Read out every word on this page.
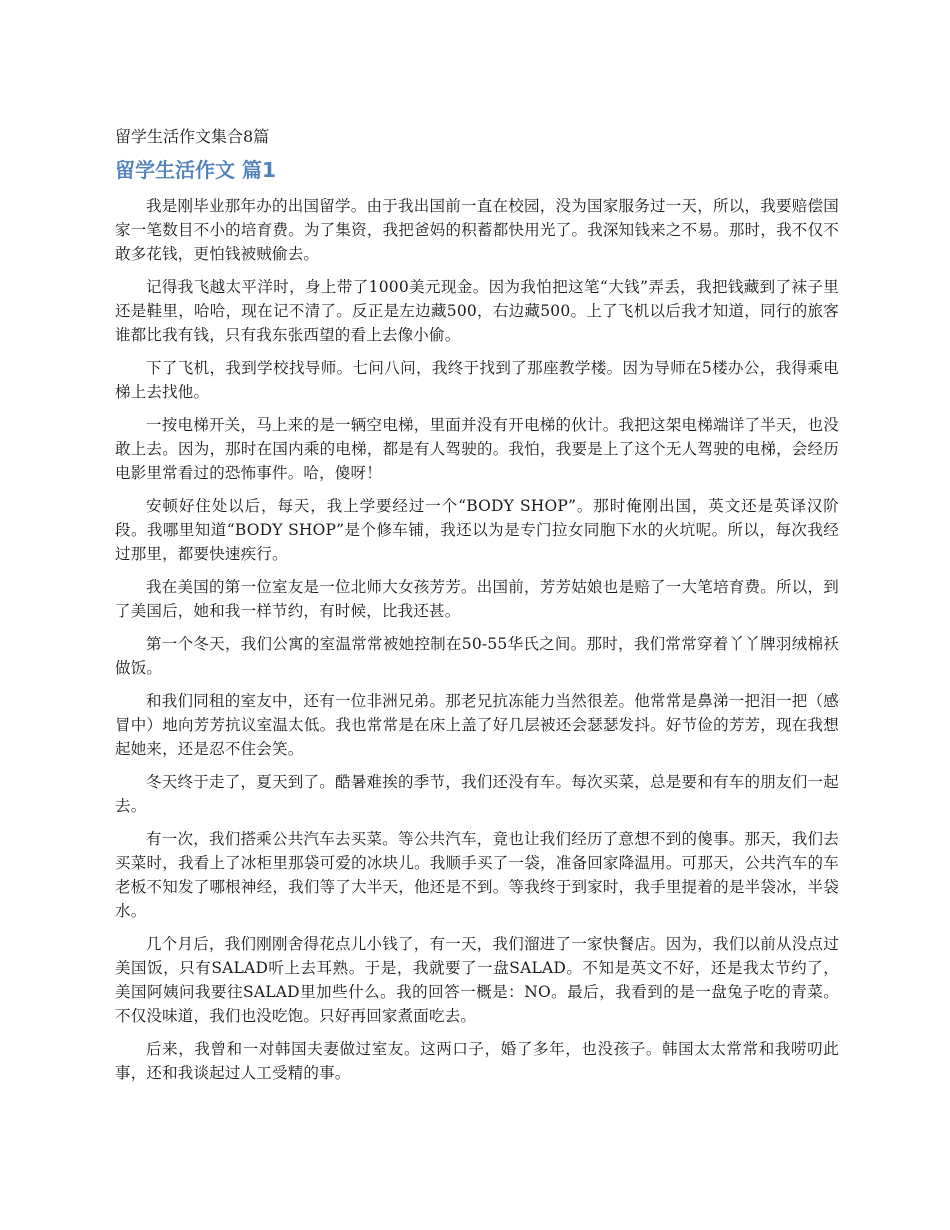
留学生活作文集合8篇
留学生活作文 篇1

我是刚毕业那年办的出国留学。由于我出国前一直在校园，没为国家服务过一天，所以，我要赔偿国家一笔数目不小的培育费。为了集资，我把爸妈的积蓄都快用光了。我深知钱来之不易。那时，我不仅不敢多花钱，更怕钱被贼偷去。

记得我飞越太平洋时，身上带了1000美元现金。因为我怕把这笔“大钱”弄丢，我把钱藏到了袜子里还是鞋里，哈哈，现在记不清了。反正是左边藏500，右边藏500。上了飞机以后我才知道，同行的旅客谁都比我有钱，只有我东张西望的看上去像小偷。

下了飞机，我到学校找导师。七问八问，我终于找到了那座教学楼。因为导师在5楼办公，我得乘电梯上去找他。

一按电梯开关，马上来的是一辆空电梯，里面并没有开电梯的伙计。我把这架电梯端详了半天，也没敢上去。因为，那时在国内乘的电梯，都是有人驾驶的。我怕，我要是上了这个无人驾驶的电梯，会经历电影里常看过的恐怖事件。哈，傻呀！

安顿好住处以后，每天，我上学要经过一个“BODY SHOP”。那时俺刚出国，英文还是英译汉阶段。我哪里知道“BODY SHOP”是个修车铺，我还以为是专门拉女同胞下水的火坑呢。所以，每次我经过那里，都要快速疾行。

我在美国的第一位室友是一位北师大女孩芳芳。出国前，芳芳姑娘也是赔了一大笔培育费。所以，到了美国后，她和我一样节约，有时候，比我还甚。

第一个冬天，我们公寓的室温常常被她控制在50-55华氏之间。那时，我们常常穿着丫丫牌羽绒棉袄做饭。

和我们同租的室友中，还有一位非洲兄弟。那老兄抗冻能力当然很差。他常常是鼻涕一把泪一把（感冒中）地向芳芳抗议室温太低。我也常常是在床上盖了好几层被还会瑟瑟发抖。好节俭的芳芳，现在我想起她来，还是忍不住会笑。

冬天终于走了，夏天到了。酷暑难挨的季节，我们还没有车。每次买菜，总是要和有车的朋友们一起去。

有一次，我们搭乘公共汽车去买菜。等公共汽车，竟也让我们经历了意想不到的傻事。那天，我们去买菜时，我看上了冰柜里那袋可爱的冰块儿。我顺手买了一袋，准备回家降温用。可那天，公共汽车的车老板不知发了哪根神经，我们等了大半天，他还是不到。等我终于到家时，我手里提着的是半袋冰，半袋水。

几个月后，我们刚刚舍得花点儿小钱了，有一天，我们溜进了一家快餐店。因为，我们以前从没点过美国饭，只有SALAD听上去耳熟。于是，我就要了一盘SALAD。不知是英文不好，还是我太节约了，美国阿姨问我要往SALAD里加些什么。我的回答一概是：NO。最后，我看到的是一盘兔子吃的青菜。不仅没味道，我们也没吃饱。只好再回家煮面吃去。

后来，我曾和一对韩国夫妻做过室友。这两口子，婚了多年，也没孩子。韩国太太常常和我唠叨此事，还和我谈起过人工受精的事。
